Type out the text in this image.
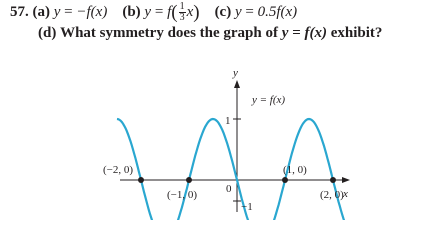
57. (a) y = −f(x) (b) $y = f( \frac{1}{3} x)$ (c) y = 0.5f(x)
(d) What symmetry does the graph of y = f(x) exhibit?
y
x
y = f(x)
1
−1
0
(−2, 0)
(−1, 0)
(1, 0)
(2, 0)
